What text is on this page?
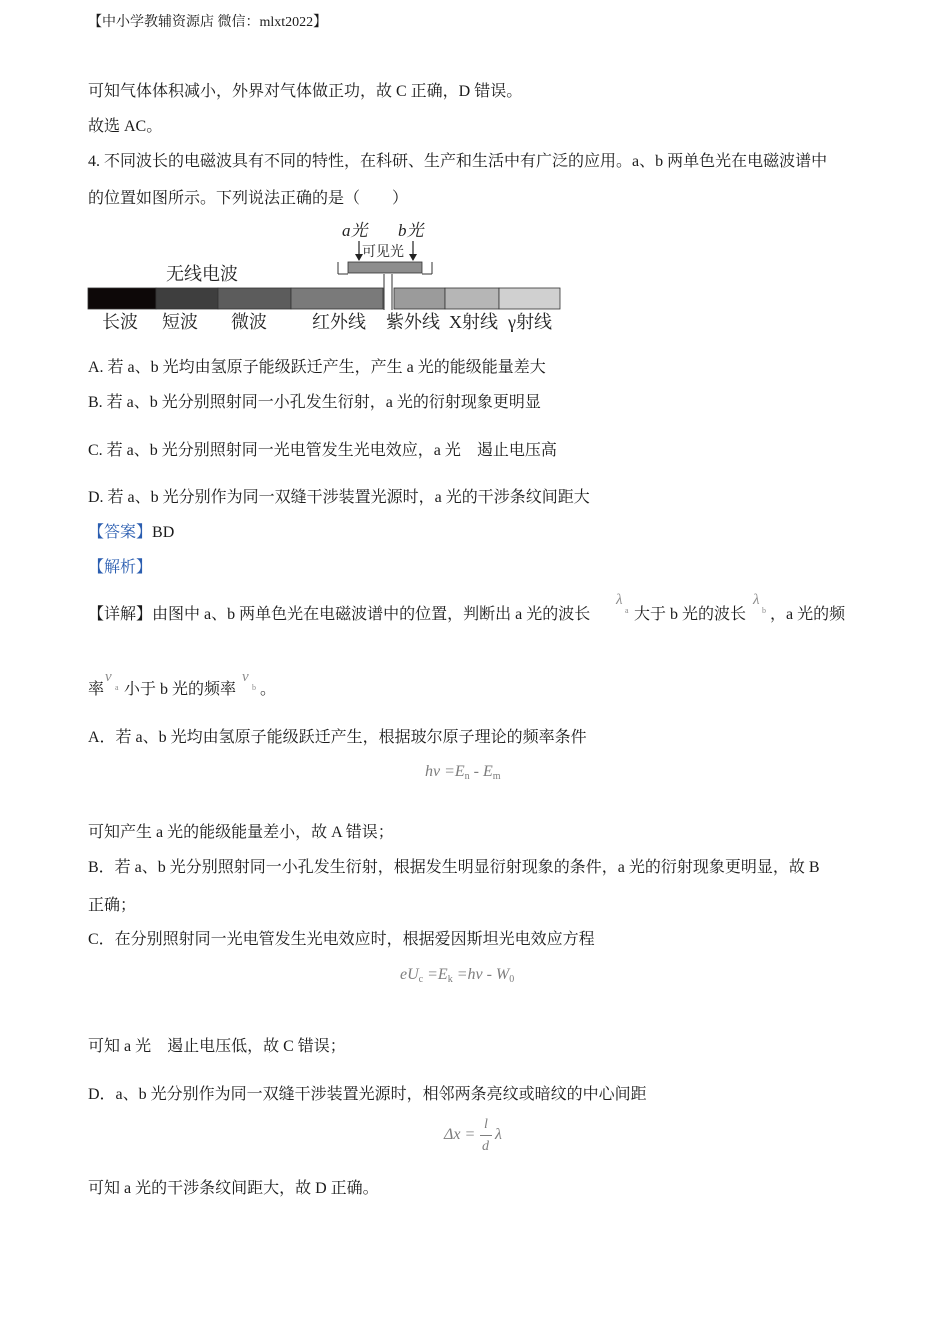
【中小学教辅资源店 微信：mlxt2022】
可知气体体积减小，外界对气体做正功，故 C 正确，D 错误。
故选 AC。
4. 不同波长的电磁波具有不同的特性，在科研、生产和生活中有广泛的应用。a、b 两单色光在电磁波谱中
的位置如图所示。下列说法正确的是（　　）
a光 b光
可见光
无线电波
长波 短波 微波	红外线 紫外线 X射线 γ射线
A. 若 a、b 光均由氢原子能级跃迁产生，产生 a 光的能级能量差大
B. 若 a、b 光分别照射同一小孔发生衍射，a 光的衍射现象更明显
C. 若 a、b 光分别照射同一光电管发生光电效应，a 光　遏止电压高
D. 若 a、b 光分别作为同一双缝干涉装置光源时，a 光的干涉条纹间距大
【答案】BD
【解析】
【详解】由图中 a、b 两单色光在电磁波谱中的位置，判断出 a 光的波长
λ
a 大于 b 光的波长
λ
b ，a 光的频
率
ν
a 小于 b 光的频率
ν
b 。
A．若 a、b 光均由氢原子能级跃迁产生，根据玻尔原子理论的频率条件
hν =En - Em
可知产生 a 光的能级能量差小，故 A 错误；
B．若 a、b 光分别照射同一小孔发生衍射，根据发生明显衍射现象的条件，a 光的衍射现象更明显，故 B
正确；
C．在分别照射同一光电管发生光电效应时，根据爱因斯坦光电效应方程
eUc =Ek =hν - W0
可知 a 光　遏止电压低，故 C 错误；
D．a、b 光分别作为同一双缝干涉装置光源时，相邻两条亮纹或暗纹的中心间距
Δx =
l
d
λ
可知 a 光的干涉条纹间距大，故 D 正确。
